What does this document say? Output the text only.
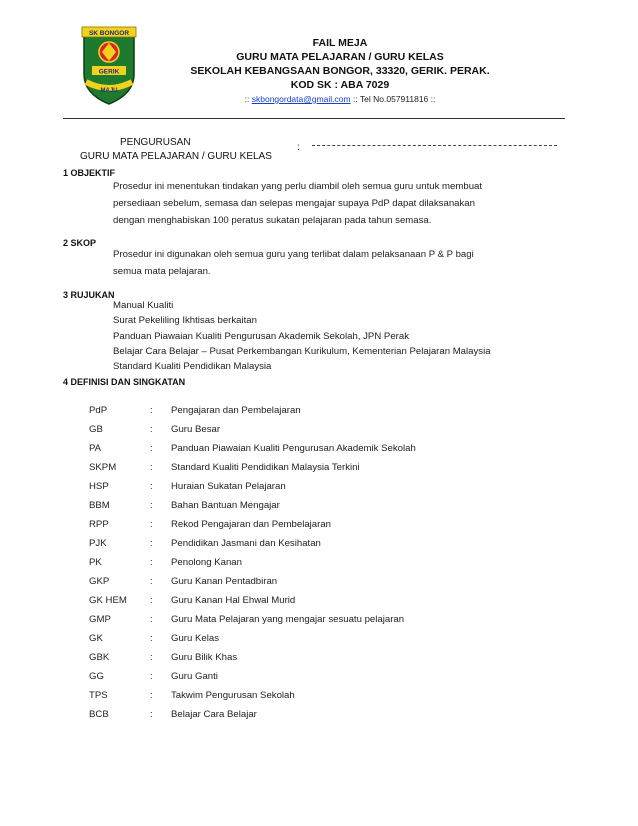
SK BONGOR
GERIK
MAJU
FAIL MEJA
GURU MATA PELAJARAN / GURU KELAS
SEKOLAH KEBANGSAAN BONGOR, 33320, GERIK. PERAK.
KOD SK : ABA 7029
:: skbongordata@gmail.com :: Tel No.057911816 ::
PENGURUSAN
GURU MATA PELAJARAN / GURU KELAS
:
1 OBJEKTIF
Prosedur ini menentukan tindakan yang perlu diambil oleh semua guru untuk membuat
persediaan sebelum, semasa dan selepas mengajar supaya PdP dapat dilaksanakan
dengan menghabiskan 100 peratus sukatan pelajaran pada tahun semasa.
2 SKOP
Prosedur ini digunakan oleh semua guru yang terlibat dalam pelaksanaan P & P bagi
semua mata pelajaran.
3 RUJUKAN
Manual Kualiti
Surat Pekeliling Ikhtisas berkaitan
Panduan Piawaian Kualiti Pengurusan Akademik Sekolah, JPN Perak
Belajar Cara Belajar – Pusat Perkembangan Kurikulum, Kementerian Pelajaran Malaysia
Standard Kualiti Pendidikan Malaysia
4 DEFINISI DAN SINGKATAN
PdP	: Pengajaran dan Pembelajaran
GB	: Guru Besar
PA	: Panduan Piawaian Kualiti Pengurusan Akademik Sekolah
SKPM	: Standard Kualiti Pendidikan Malaysia Terkini
HSP	: Huraian Sukatan Pelajaran
BBM	: Bahan Bantuan Mengajar
RPP	: Rekod Pengajaran dan Pembelajaran
PJK	: Pendidikan Jasmani dan Kesihatan
PK	: Penolong Kanan
GKP	: Guru Kanan Pentadbiran
GK HEM	: Guru Kanan Hal Ehwal Murid
GMP	: Guru Mata Pelajaran yang mengajar sesuatu pelajaran
GK	: Guru Kelas
GBK	: Guru Bilik Khas
GG	: Guru Ganti
TPS	: Takwim Pengurusan Sekolah
BCB	: Belajar Cara Belajar
